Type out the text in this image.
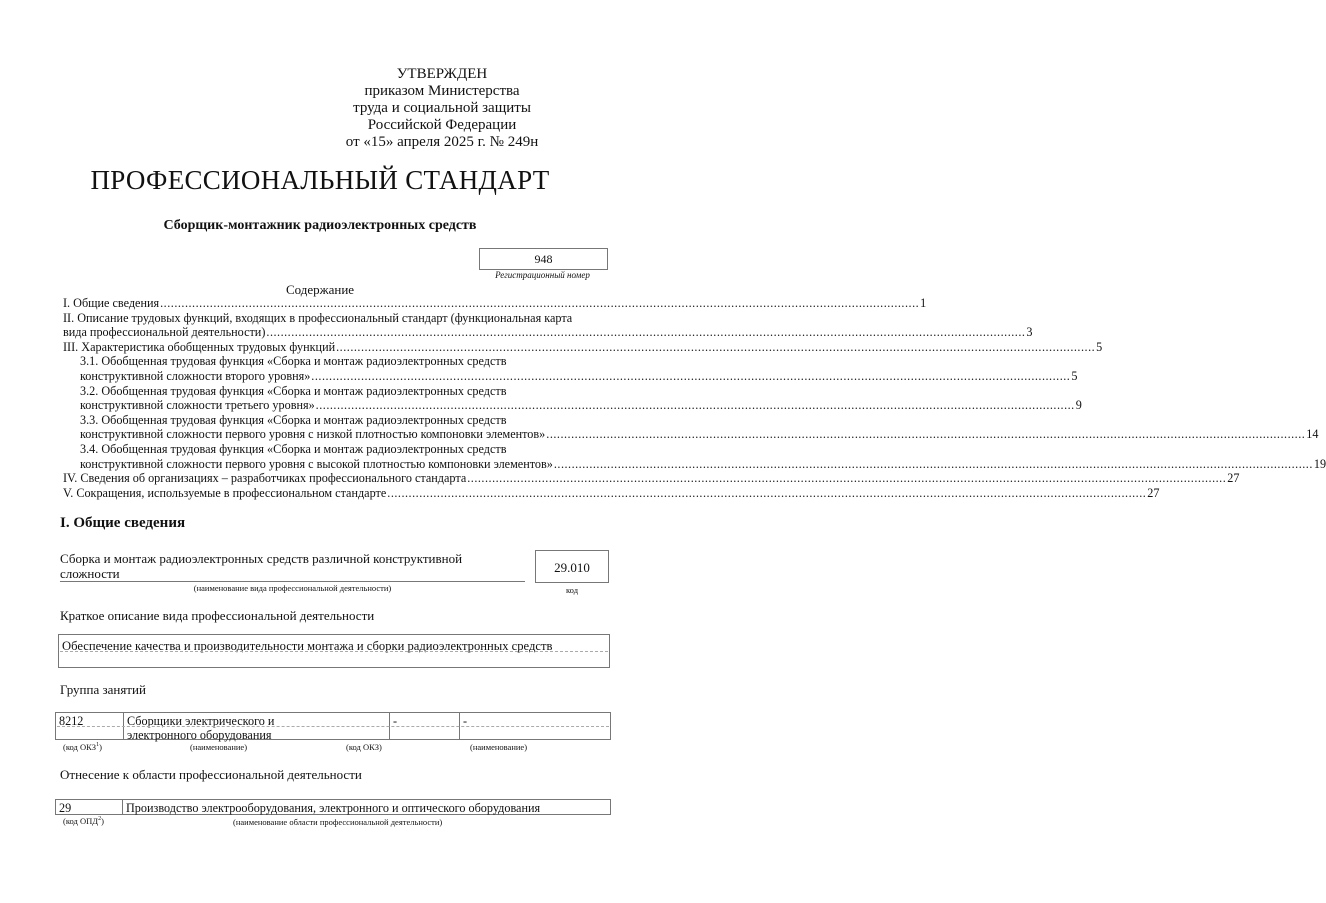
УТВЕРЖДЕН
приказом Министерства
труда и социальной защиты
Российской Федерации
от «15» апреля 2025 г. № 249н
ПРОФЕССИОНАЛЬНЫЙ СТАНДАРТ
Сборщик-монтажник радиоэлектронных средств
948
Регистрационный номер
Содержание
I. Общие сведения ...................................................................................................................................................................................................................... 1
II. Описание трудовых функций, входящих в профессиональный стандарт (функциональная карта
вида профессиональной деятельности) ...................................................................................................................................................................................................................... 3
III. Характеристика обобщенных трудовых функций ...................................................................................................................................................................................................................... 5
3.1. Обобщенная трудовая функция «Сборка и монтаж радиоэлектронных средств
конструктивной сложности второго уровня» ...................................................................................................................................................................................................................... 5
3.2. Обобщенная трудовая функция «Сборка и монтаж радиоэлектронных средств
конструктивной сложности третьего уровня» ...................................................................................................................................................................................................................... 9
3.3. Обобщенная трудовая функция «Сборка и монтаж радиоэлектронных средств
конструктивной сложности первого уровня с низкой плотностью компоновки элементов» ...................................................................................................................................................................................................................... 14
3.4. Обобщенная трудовая функция «Сборка и монтаж радиоэлектронных средств
конструктивной сложности первого уровня с высокой плотностью компоновки элементов» ...................................................................................................................................................................................................................... 19
IV. Сведения об организациях – разработчиках профессионального стандарта ...................................................................................................................................................................................................................... 27
V. Сокращения, используемые в профессиональном стандарте ...................................................................................................................................................................................................................... 27
I. Общие сведения
Сборка и монтаж радиоэлектронных средств различной конструктивной
сложности	29.010
(наименование вида профессиональной деятельности)	код
Краткое описание вида профессиональной деятельности
Обеспечение качества и производительности монтажа и сборки радиоэлектронных средств
Группа занятий
8212	Сборщики электрического и
электронного оборудования
-	-
(код ОКЗ$^1$)	(наименование)	(код ОКЗ)	(наименование)
Отнесение к области профессиональной деятельности
29	Производство электрооборудования, электронного и оптического оборудования
(код ОПД$^2$)	(наименование области профессиональной деятельности)
